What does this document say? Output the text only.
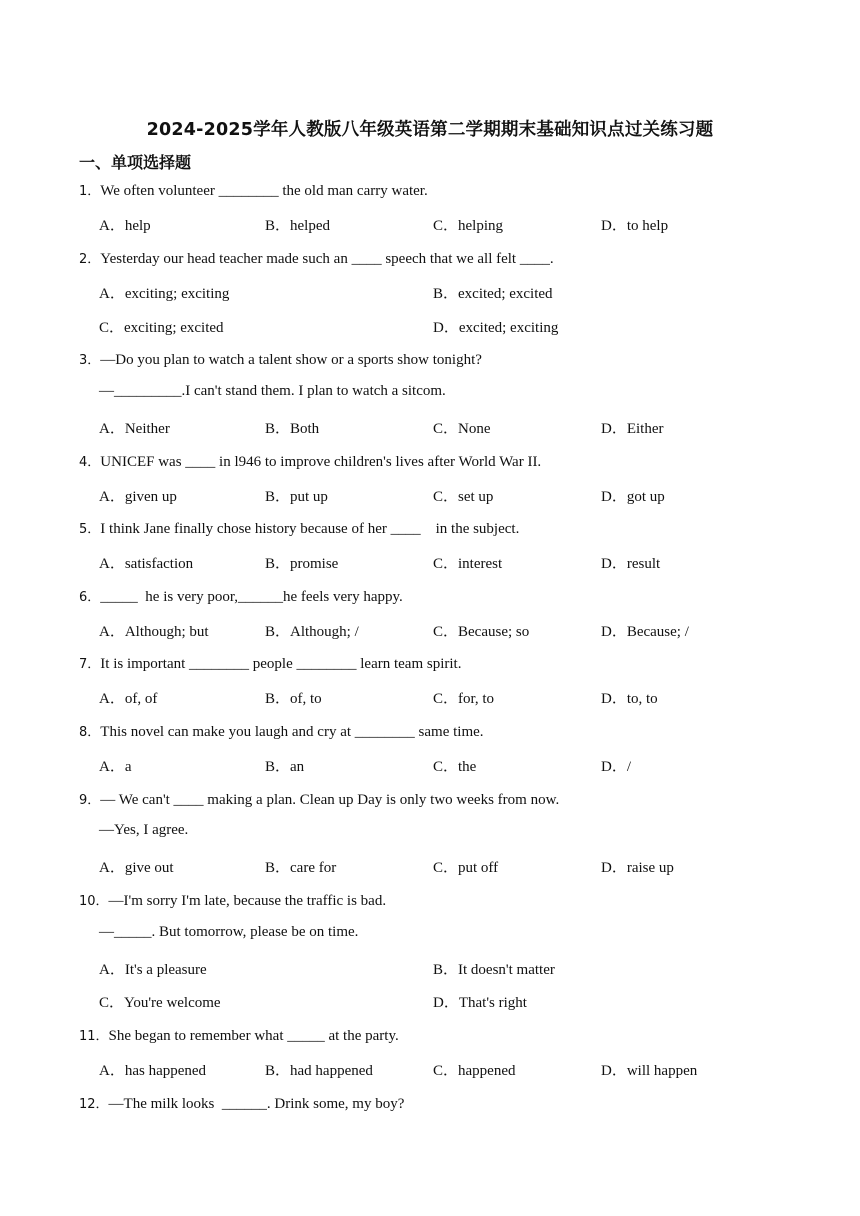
2024-2025学年人教版八年级英语第二学期期末基础知识点过关练习题
一、单项选择题
1．We often volunteer ________ the old man carry water.
A．help	B．helped	C．helping	D．to help
2．Yesterday our head teacher made such an ____ speech that we all felt ____.
A．exciting; exciting	B．excited; excited
C．exciting; excited	D．excited; exciting
3．—Do you plan to watch a talent show or a sports show tonight?
—_________.I can't stand them. I plan to watch a sitcom.
A．Neither	B．Both	C．None	D．Either
4．UNICEF was ____ in l946 to improve children's lives after World War II.
A．given up	B．put up	C．set up	D．got up
5．I think Jane finally chose history because of her ____    in the subject.
A．satisfaction	B．promise	C．interest	D．result
6．_____  he is very poor,______he feels very happy.
A．Although; but	B．Although; /	C．Because; so	D．Because; /
7．It is important ________ people ________ learn team spirit.
A．of, of	B．of, to	C．for, to	D．to, to
8．This novel can make you laugh and cry at ________ same time.
A．a	B．an	C．the	D．/
9．— We can't ____ making a plan. Clean up Day is only two weeks from now.
—Yes, I agree.
A．give out	B．care for	C．put off	D．raise up
10．—I'm sorry I'm late, because the traffic is bad.
—_____. But tomorrow, please be on time.
A．It's a pleasure	B．It doesn't matter
C．You're welcome	D．That's right
11．She began to remember what _____ at the party.
A．has happened	B．had happened	C．happened	D．will happen
12．—The milk looks  ______. Drink some, my boy?
